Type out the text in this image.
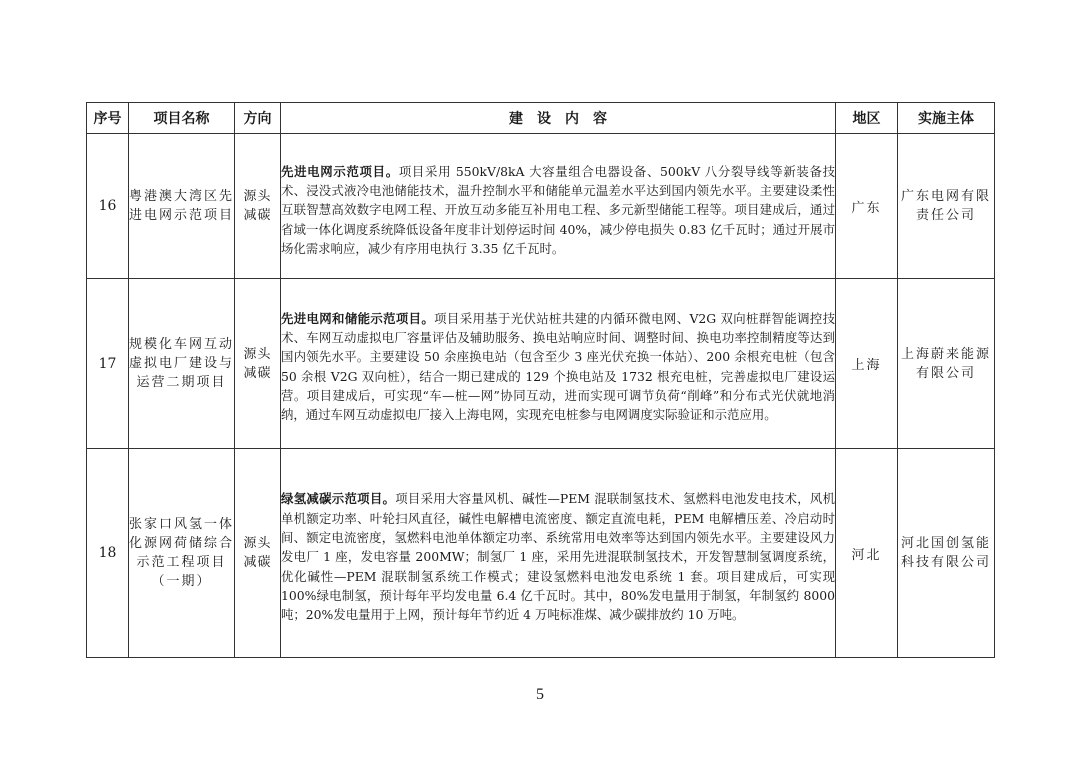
序号	项目名称	方向	建　设　内　容	地区	实施主体
16	粤港澳大湾区先进电网示范项目	源头减碳	先进电网示范项目。项目采用 550kV/8kA 大容量组合电器设备、500kV 八分裂导线等新装备技术、浸没式液冷电池储能技术，温升控制水平和储能单元温差水平达到国内领先水平。主要建设柔性互联智慧高效数字电网工程、开放互动多能互补用电工程、多元新型储能工程等。项目建成后，通过省域一体化调度系统降低设备年度非计划停运时间 40%，减少停电损失 0.83 亿千瓦时；通过开展市场化需求响应，减少有序用电执行 3.35 亿千瓦时。	广东	广东电网有限责任公司
17	规模化车网互动虚拟电厂建设与运营二期项目	源头减碳	先进电网和储能示范项目。项目采用基于光伏站桩共建的内循环微电网、V2G 双向桩群智能调控技术、车网互动虚拟电厂容量评估及辅助服务、换电站响应时间、调整时间、换电功率控制精度等达到国内领先水平。主要建设 50 余座换电站（包含至少 3 座光伏充换一体站）、200 余根充电桩（包含 50 余根 V2G 双向桩），结合一期已建成的 129 个换电站及 1732 根充电桩，完善虚拟电厂建设运营。项目建成后，可实现“车—桩—网”协同互动，进而实现可调节负荷“削峰”和分布式光伏就地消纳，通过车网互动虚拟电厂接入上海电网，实现充电桩参与电网调度实际验证和示范应用。	上海	上海蔚来能源有限公司
18	张家口风氢一体化源网荷储综合示范工程项目（一期）	源头减碳	绿氢减碳示范项目。项目采用大容量风机、碱性—PEM 混联制氢技术、氢燃料电池发电技术，风机单机额定功率、叶轮扫风直径，碱性电解槽电流密度、额定直流电耗，PEM 电解槽压差、冷启动时间、额定电流密度，氢燃料电池单体额定功率、系统常用电效率等达到国内领先水平。主要建设风力发电厂 1 座，发电容量 200MW；制氢厂 1 座，采用先进混联制氢技术，开发智慧制氢调度系统，优化碱性—PEM 混联制氢系统工作模式；建设氢燃料电池发电系统 1 套。项目建成后，可实现 100%绿电制氢，预计每年平均发电量 6.4 亿千瓦时。其中，80%发电量用于制氢，年制氢约 8000 吨；20%发电量用于上网，预计每年节约近 4 万吨标准煤、减少碳排放约 10 万吨。	河北	河北国创氢能科技有限公司
5
